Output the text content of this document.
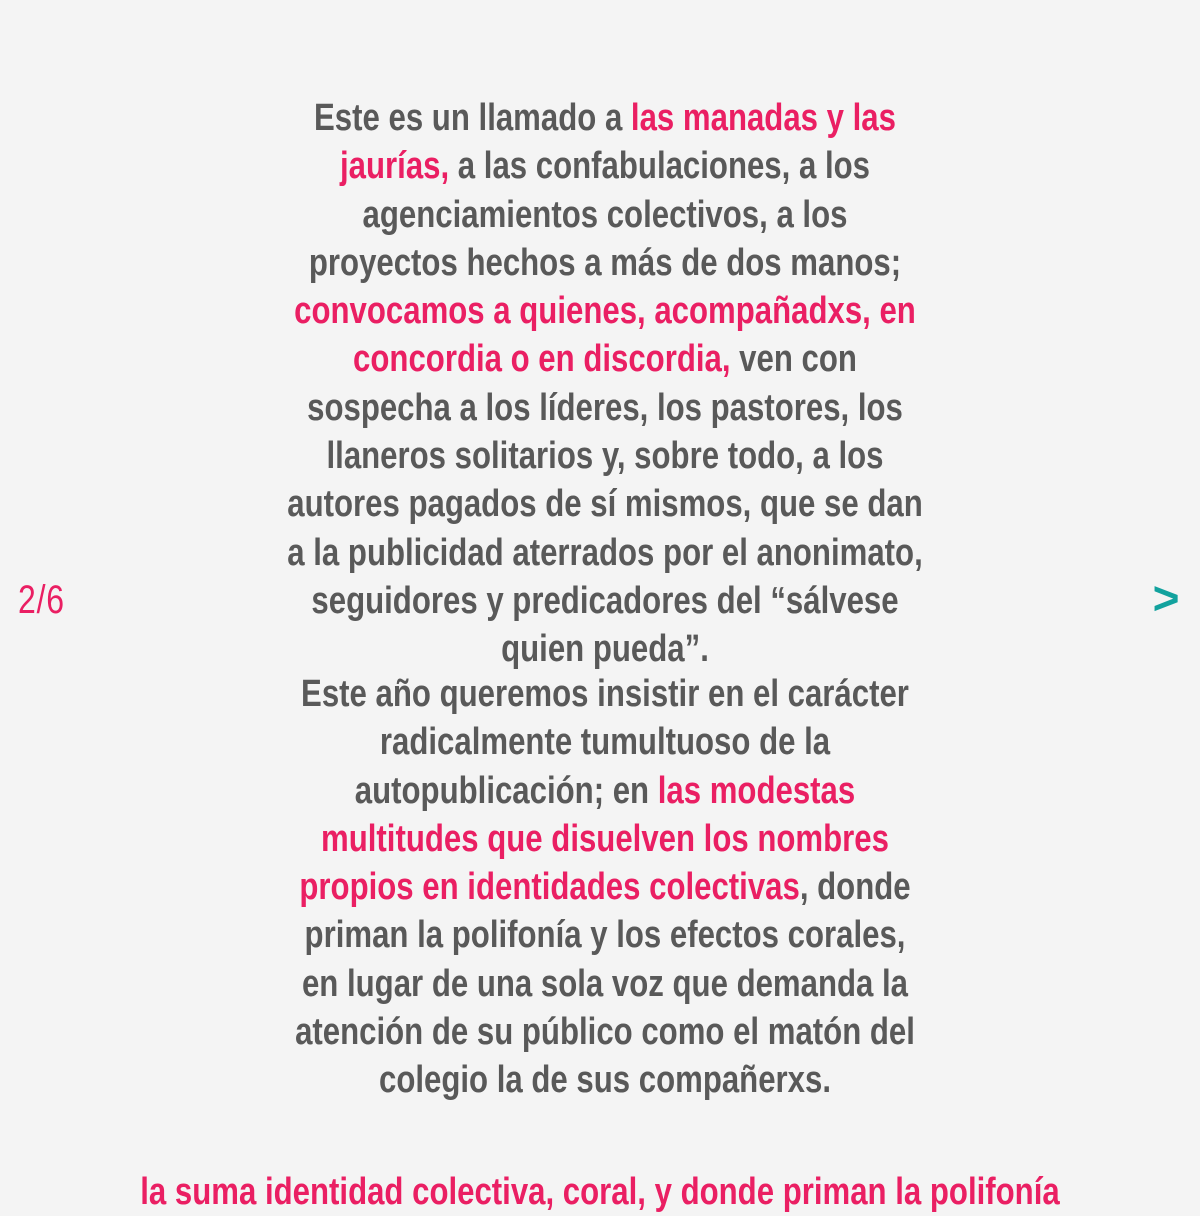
2/6	>
Este es un llamado a las manadas y las jaurías, a las confabulaciones, a los agenciamientos colectivos, a los proyectos hechos a más de dos manos; convocamos a quienes, acompañadxs, en concordia o en discordia, ven con sospecha a los líderes, los pastores, los llaneros solitarios y, sobre todo, a los autores pagados de sí mismos, que se dan a la publicidad aterrados por el anonimato, seguidores y predicadores del “sálvese quien pueda”.
Este año queremos insistir en el carácter radicalmente tumultuoso de la autopublicación; en las modestas multitudes que disuelven los nombres propios en identidades colectivas, donde priman la polifonía y los efectos corales, en lugar de una sola voz que demanda la atención de su público como el matón del colegio la de sus compañerxs.
la suma identidad colectiva, coral, y donde priman la polifonía
